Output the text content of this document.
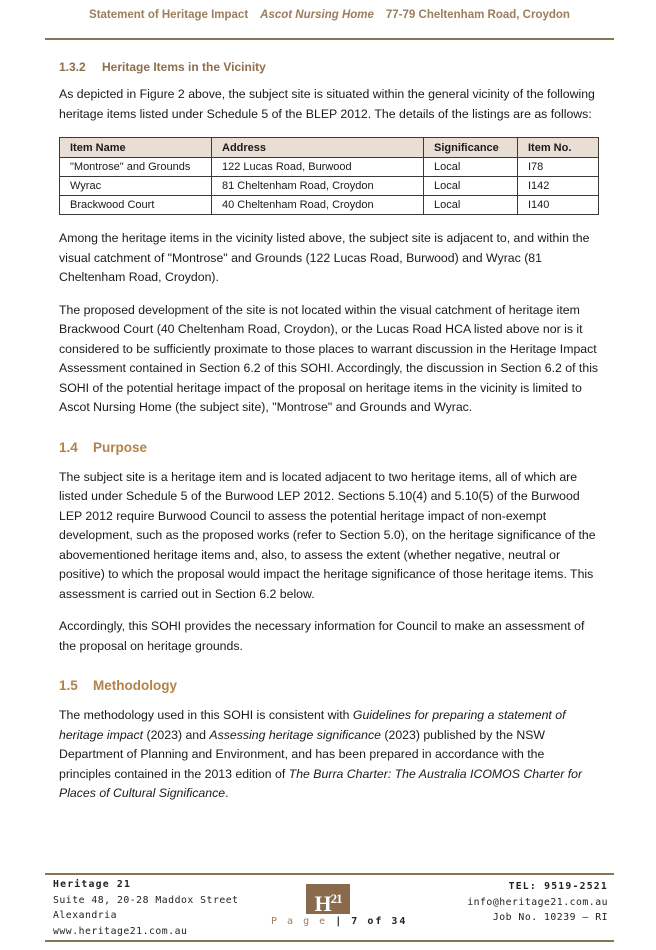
Statement of Heritage Impact Ascot Nursing Home 77-79 Cheltenham Road, Croydon
1.3.2 Heritage Items in the Vicinity

As depicted in Figure 2 above, the subject site is situated within the general vicinity of the following heritage items listed under Schedule 5 of the BLEP 2012. The details of the listings are as follows:

Item Name	Address	Significance	Item No.
"Montrose" and Grounds	122 Lucas Road, Burwood	Local	I78
Wyrac	81 Cheltenham Road, Croydon	Local	I142
Brackwood Court	40 Cheltenham Road, Croydon	Local	I140

Among the heritage items in the vicinity listed above, the subject site is adjacent to, and within the visual catchment of "Montrose" and Grounds (122 Lucas Road, Burwood) and Wyrac (81 Cheltenham Road, Croydon).

The proposed development of the site is not located within the visual catchment of heritage item Brackwood Court (40 Cheltenham Road, Croydon), or the Lucas Road HCA listed above nor is it considered to be sufficiently proximate to those places to warrant discussion in the Heritage Impact Assessment contained in Section 6.2 of this SOHI. Accordingly, the discussion in Section 6.2 of this SOHI of the potential heritage impact of the proposal on heritage items in the vicinity is limited to Ascot Nursing Home (the subject site), "Montrose" and Grounds and Wyrac.

1.4 Purpose

The subject site is a heritage item and is located adjacent to two heritage items, all of which are listed under Schedule 5 of the Burwood LEP 2012. Sections 5.10(4) and 5.10(5) of the Burwood LEP 2012 require Burwood Council to assess the potential heritage impact of non-exempt development, such as the proposed works (refer to Section 5.0), on the heritage significance of the abovementioned heritage items and, also, to assess the extent (whether negative, neutral or positive) to which the proposal would impact the heritage significance of those heritage items. This assessment is carried out in Section 6.2 below.

Accordingly, this SOHI provides the necessary information for Council to make an assessment of the proposal on heritage grounds.

1.5 Methodology

The methodology used in this SOHI is consistent with Guidelines for preparing a statement of heritage impact (2023) and Assessing heritage significance (2023) published by the NSW Department of Planning and Environment, and has been prepared in accordance with the principles contained in the 2013 edition of The Burra Charter: The Australia ICOMOS Charter for Places of Cultural Significance.

Heritage 21
Suite 48, 20-28 Maddox Street
Alexandria
www.heritage21.com.au
$H^{21}$
P a g e | 7 of 34
TEL: 9519-2521
info@heritage21.com.au
Job No. 10239 – RI
